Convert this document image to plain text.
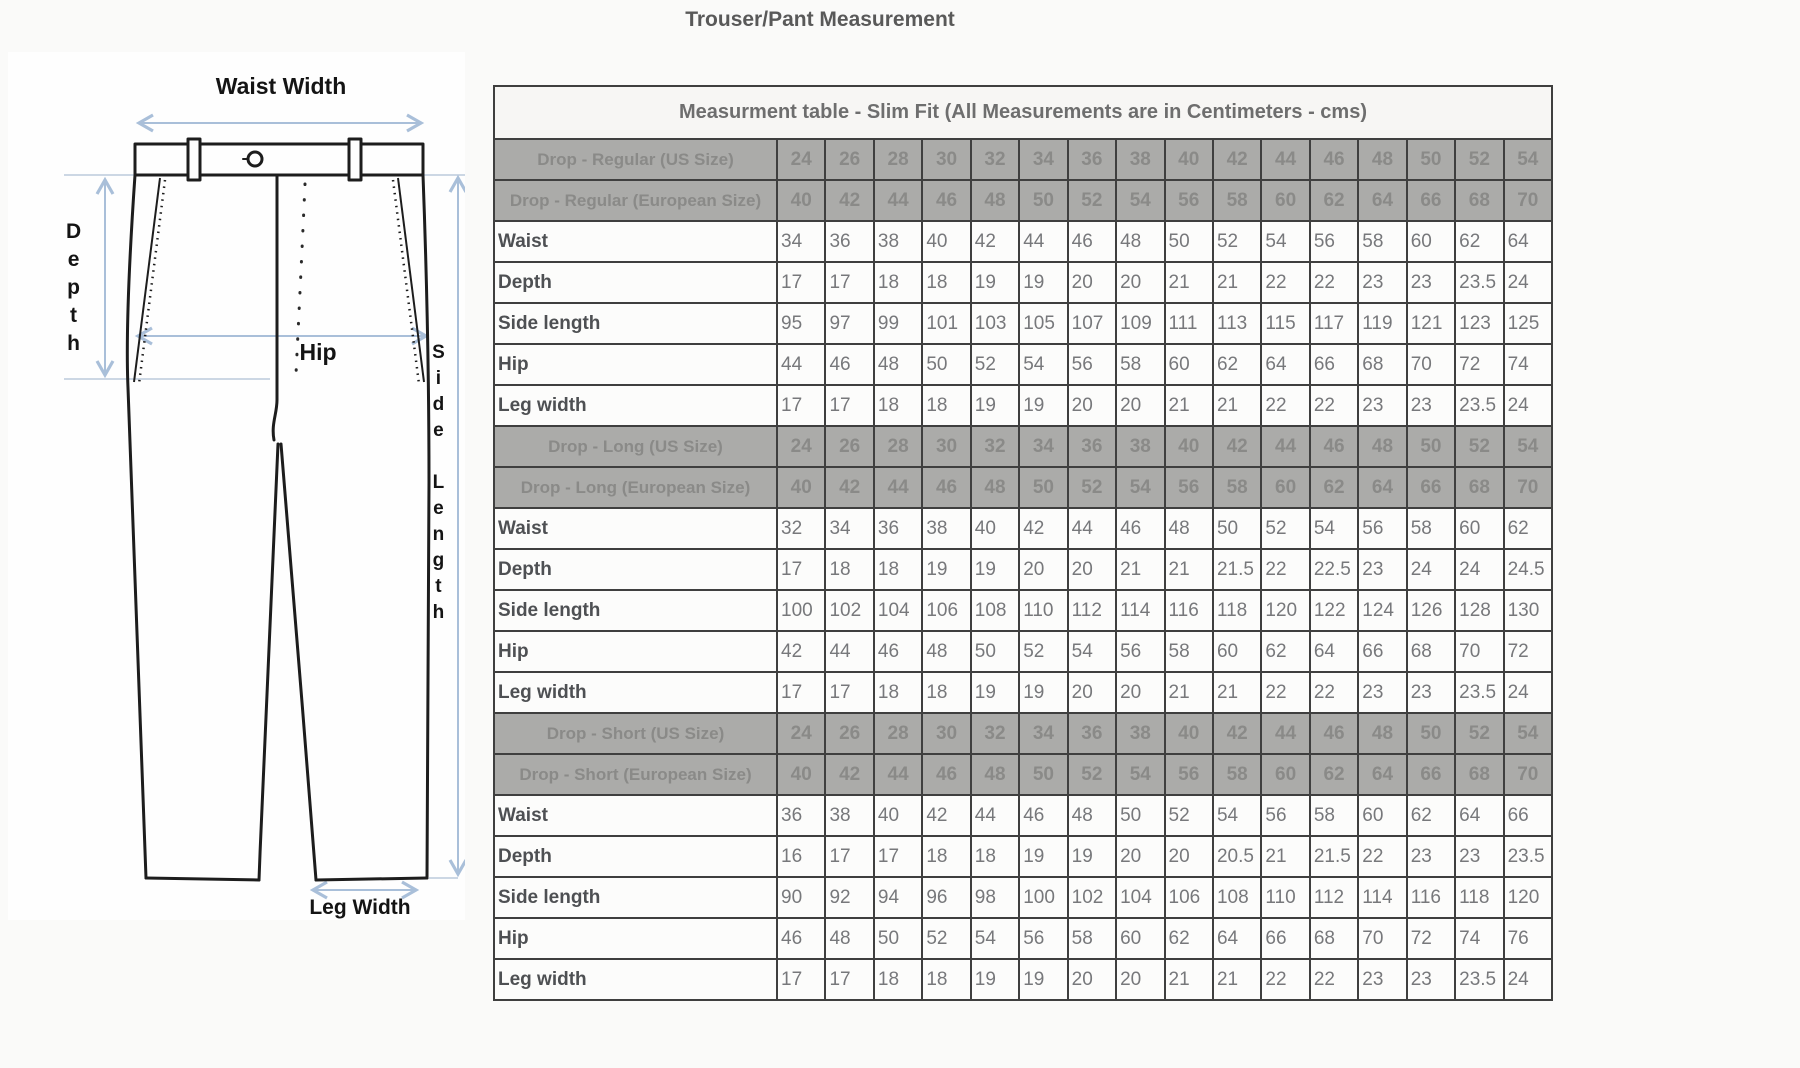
Trouser/Pant Measurement
Waist Width
Depth	Hip	Side Length
Leg Width
Measurment table - Slim Fit (All Measurements are in Centimeters - cms)																
Drop - Regular (US Size)	24	26	28	30	32	34	36	38	40	42	44	46	48	50	52	54
Drop - Regular (European Size)	40	42	44	46	48	50	52	54	56	58	60	62	64	66	68	70
Waist	34	36	38	40	42	44	46	48	50	52	54	56	58	60	62	64
Depth	17	17	18	18	19	19	20	20	21	21	22	22	23	23	23.5	24
Side length	95	97	99	101	103	105	107	109	111	113	115	117	119	121	123	125
Hip	44	46	48	50	52	54	56	58	60	62	64	66	68	70	72	74
Leg width	17	17	18	18	19	19	20	20	21	21	22	22	23	23	23.5	24
Drop - Long (US Size)	24	26	28	30	32	34	36	38	40	42	44	46	48	50	52	54
Drop - Long (European Size)	40	42	44	46	48	50	52	54	56	58	60	62	64	66	68	70
Waist	32	34	36	38	40	42	44	46	48	50	52	54	56	58	60	62
Depth	17	18	18	19	19	20	20	21	21	21.5	22	22.5	23	24	24	24.5
Side length	100	102	104	106	108	110	112	114	116	118	120	122	124	126	128	130
Hip	42	44	46	48	50	52	54	56	58	60	62	64	66	68	70	72
Leg width	17	17	18	18	19	19	20	20	21	21	22	22	23	23	23.5	24
Drop - Short (US Size)	24	26	28	30	32	34	36	38	40	42	44	46	48	50	52	54
Drop - Short (European Size)	40	42	44	46	48	50	52	54	56	58	60	62	64	66	68	70
Waist	36	38	40	42	44	46	48	50	52	54	56	58	60	62	64	66
Depth	16	17	17	18	18	19	19	20	20	20.5	21	21.5	22	23	23	23.5
Side length	90	92	94	96	98	100	102	104	106	108	110	112	114	116	118	120
Hip	46	48	50	52	54	56	58	60	62	64	66	68	70	72	74	76
Leg width	17	17	18	18	19	19	20	20	21	21	22	22	23	23	23.5	24
